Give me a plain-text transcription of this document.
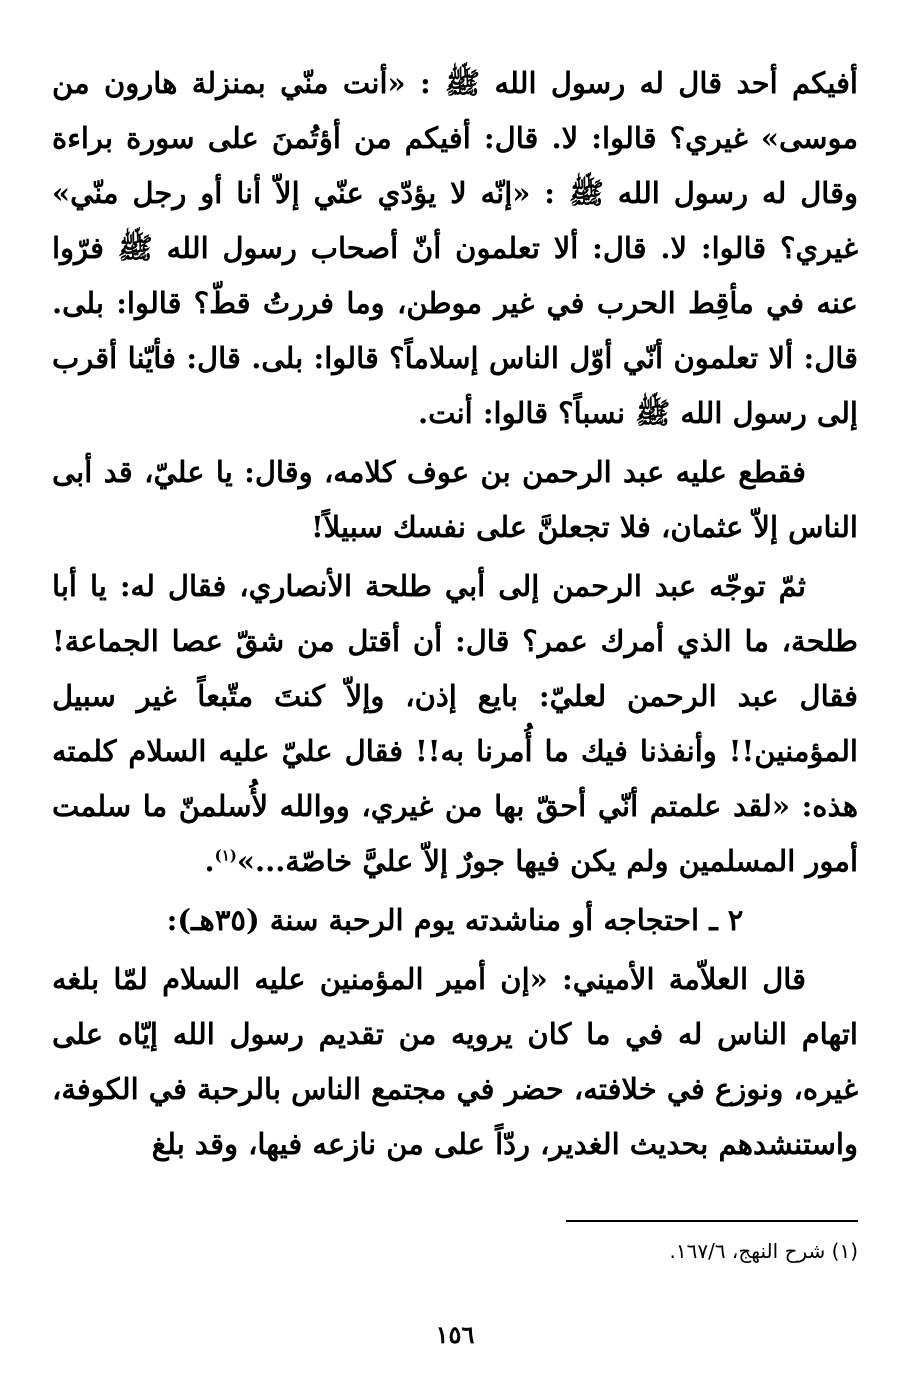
أفيكم أحد قال له رسول الله ﷺ : «أنت منّي بمنزلة هارون من موسى» غيري؟ قالوا: لا. قال: أفيكم من أؤتُمنَ على سورة براءة وقال له رسول الله ﷺ : «إنّه لا يؤدّي عنّي إلاّ أنا أو رجل منّي» غيري؟ قالوا: لا. قال: ألا تعلمون أنّ أصحاب رسول الله ﷺ فرّوا عنه في مأقِط الحرب في غير موطن، وما فررتُ قطّ؟ قالوا: بلى. قال: ألا تعلمون أنّي أوّل الناس إسلاماً؟ قالوا: بلى. قال: فأيّنا أقرب إلى رسول الله ﷺ نسباً؟ قالوا: أنت.

فقطع عليه عبد الرحمن بن عوف كلامه، وقال: يا عليّ، قد أبى الناس إلاّ عثمان، فلا تجعلنَّ على نفسك سبيلاً!

ثمّ توجّه عبد الرحمن إلى أبي طلحة الأنصاري، فقال له: يا أبا طلحة، ما الذي أمرك عمر؟ قال: أن أقتل من شقّ عصا الجماعة! فقال عبد الرحمن لعليّ: بايع إذن، وإلاّ كنتَ متّبعاً غير سبيل المؤمنين!! وأنفذنا فيك ما أُمرنا به!! فقال عليّ عليه السلام كلمته هذه: «لقد علمتم أنّي أحقّ بها من غيري، ووالله لأُسلمنّ ما سلمت أمور المسلمين ولم يكن فيها جورٌ إلاّ عليَّ خاصّة...»$^{(١)}$.

٢ ـ احتجاجه أو مناشدته يوم الرحبة سنة (٣٥هـ):

قال العلاّمة الأميني: «إن أمير المؤمنين عليه السلام لمّا بلغه اتهام الناس له في ما كان يرويه من تقديم رسول الله إيّاه على غيره، ونوزع في خلافته، حضر في مجتمع الناس بالرحبة في الكوفة، واستنشدهم بحديث الغدير، ردّاً على من نازعه فيها، وقد بلغ

(١) شرح النهج، ١٦٧/٦.
١٥٦
